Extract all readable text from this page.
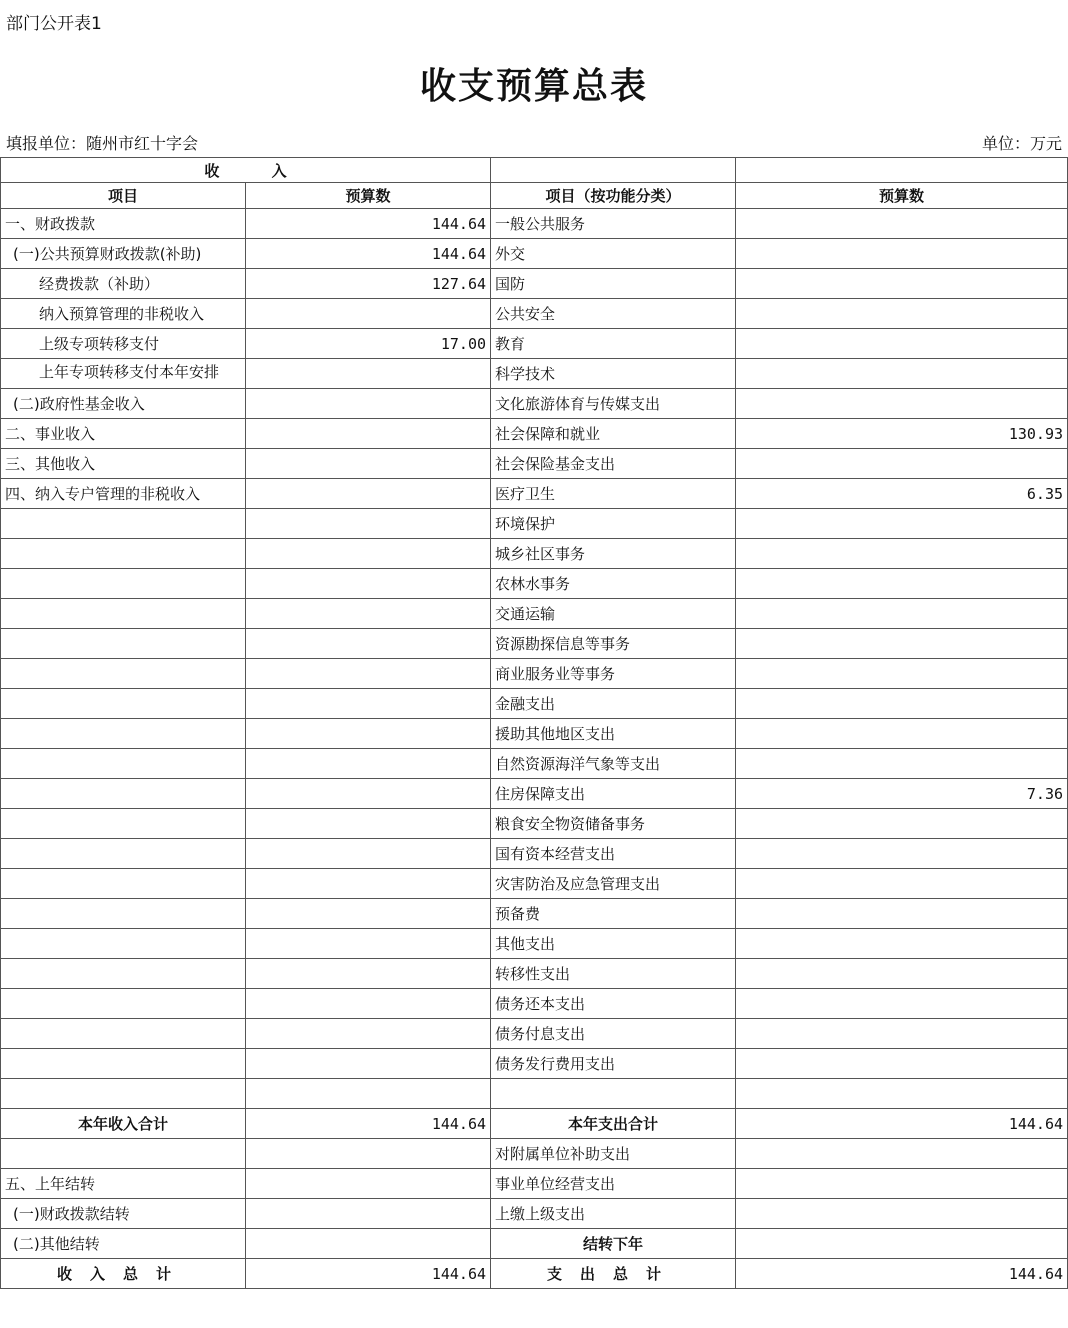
部门公开表1
收支预算总表
填报单位：随州市红十字会	单位：万元
收          入			
项目	预算数	项目（按功能分类）	预算数
一、财政拨款	144.64	一般公共服务	
(一)公共预算财政拨款(补助)	144.64	外交	
经费拨款（补助）	127.64	国防	
纳入预算管理的非税收入		公共安全	
上级专项转移支付	17.00	教育	

上年专项转移支付本年安排		科学技术	
(二)政府性基金收入		文化旅游体育与传媒支出	
二、事业收入		社会保障和就业	130.93
三、其他收入		社会保险基金支出	
四、纳入专户管理的非税收入		医疗卫生	6.35
		环境保护	
		城乡社区事务	
		农林水事务	
		交通运输	
		资源勘探信息等事务	
		商业服务业等事务	
		金融支出	
		援助其他地区支出	
		自然资源海洋气象等支出	
		住房保障支出	7.36
		粮食安全物资储备事务	
		国有资本经营支出	
		灾害防治及应急管理支出	
		预备费	
		其他支出	
		转移性支出	
		债务还本支出	
		债务付息支出	
		债务发行费用支出	

本年收入合计	144.64	本年支出合计	144.64
		对附属单位补助支出	
五、上年结转		事业单位经营支出	
(一)财政拨款结转		上缴上级支出	
(二)其他结转		结转下年	
收入总计	144.64	支出总计	144.64
